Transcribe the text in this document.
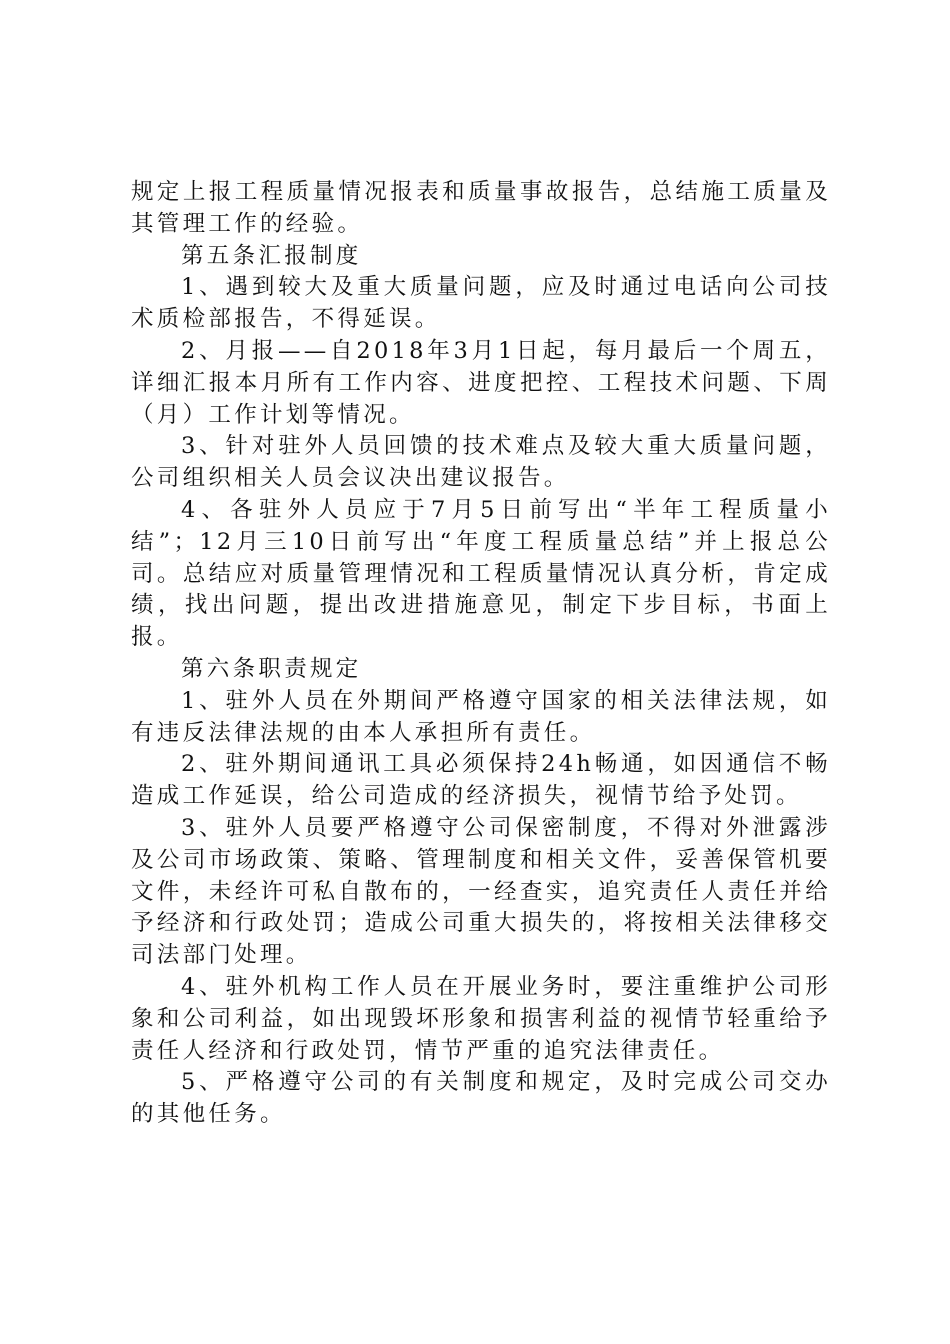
规定上报工程质量情况报表和质量事故报告，总结施工质量及其管理工作的经验。

第五条汇报制度

1、遇到较大及重大质量问题，应及时通过电话向公司技术质检部报告，不得延误。

2、月报——自2018年3月1日起，每月最后一个周五，详细汇报本月所有工作内容、进度把控、工程技术问题、下周（月）工作计划等情况。

3、针对驻外人员回馈的技术难点及较大重大质量问题，公司组织相关人员会议决出建议报告。

4、各驻外人员应于7月5日前写出“半年工程质量小结”；12月三10日前写出“年度工程质量总结”并上报总公司。总结应对质量管理情况和工程质量情况认真分析，肯定成绩，找出问题，提出改进措施意见，制定下步目标，书面上报。

第六条职责规定

1、驻外人员在外期间严格遵守国家的相关法律法规，如有违反法律法规的由本人承担所有责任。

2、驻外期间通讯工具必须保持24h畅通，如因通信不畅造成工作延误，给公司造成的经济损失，视情节给予处罚。

3、驻外人员要严格遵守公司保密制度，不得对外泄露涉及公司市场政策、策略、管理制度和相关文件，妥善保管机要文件，未经许可私自散布的，一经查实，追究责任人责任并给予经济和行政处罚；造成公司重大损失的，将按相关法律移交司法部门处理。

4、驻外机构工作人员在开展业务时，要注重维护公司形象和公司利益，如出现毁坏形象和损害利益的视情节轻重给予责任人经济和行政处罚，情节严重的追究法律责任。

5、严格遵守公司的有关制度和规定，及时完成公司交办的其他任务。
